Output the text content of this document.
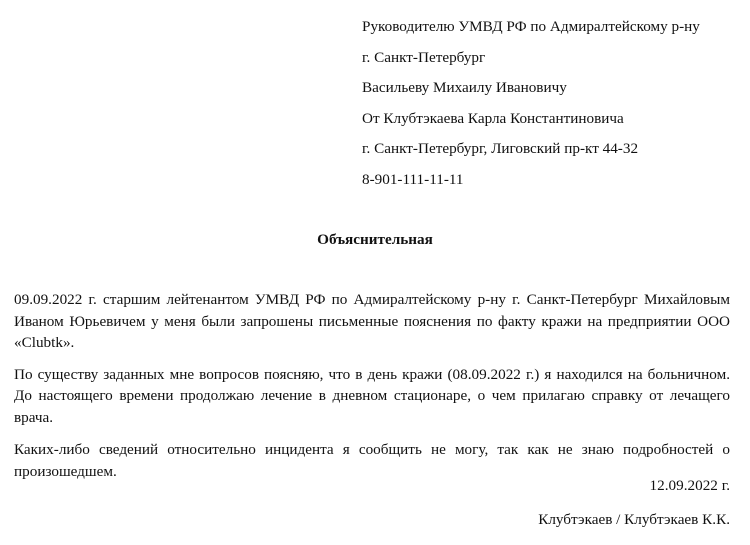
Руководителю УМВД РФ по Адмиралтейскому р-ну
г. Санкт-Петербург
Васильеву Михаилу Ивановичу
От Клубтэкаева Карла Константиновича
г. Санкт-Петербург, Лиговский пр-кт 44-32
8-901-111-11-11
Объяснительная

09.09.2022 г. старшим лейтенантом УМВД РФ по Адмиралтейскому р-ну г. Санкт-Петербург Михайловым Иваном Юрьевичем у меня были запрошены письменные пояснения по факту кражи на предприятии ООО «Clubtk».

По существу заданных мне вопросов поясняю, что в день кражи (08.09.2022 г.) я находился на больничном. До настоящего времени продолжаю лечение в дневном стационаре, о чем прилагаю справку от лечащего врача.

Каких-либо сведений относительно инцидента я сообщить не могу, так как не знаю подробностей о произошедшем.

12.09.2022 г.
Клубтэкаев / Клубтэкаев К.К.
